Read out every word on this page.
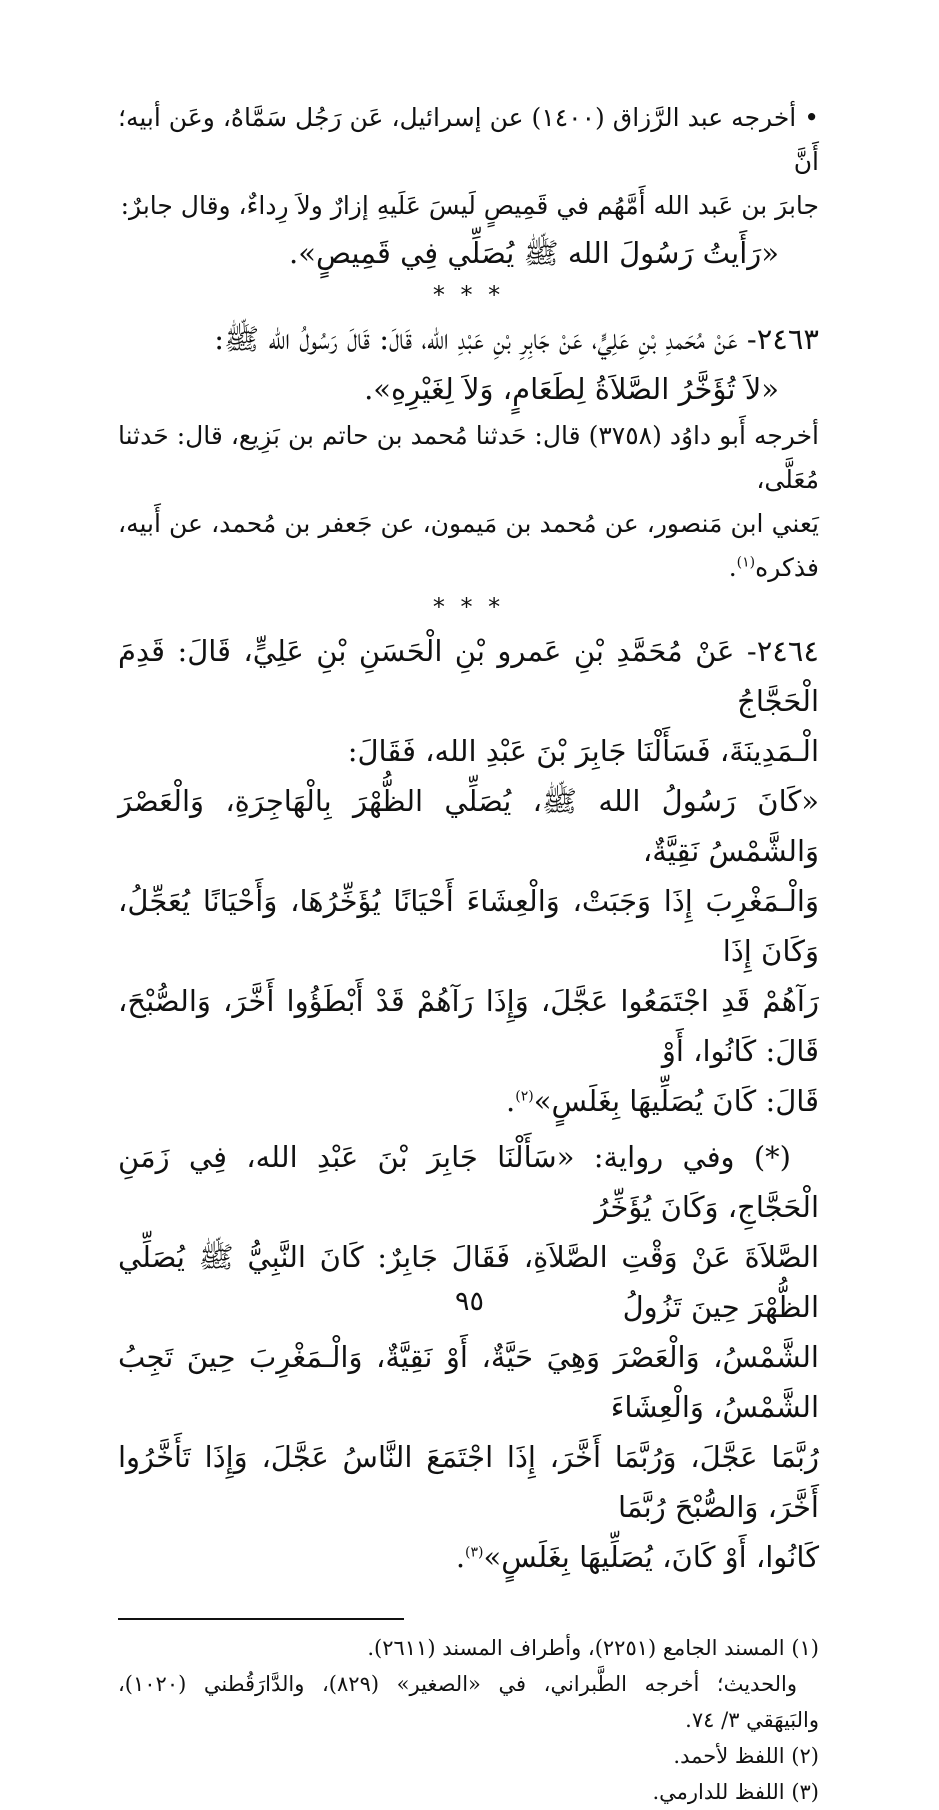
•أخرجه عبد الرَّزاق (١٤٠٠) عن إسرائيل، عَن رَجُل سَمَّاهُ، وعَن أبيه؛ أَنَّ

جابرَ بن عَبد الله أَمَّهُم في قَمِيصٍ لَيسَ عَلَيهِ إزارٌ ولاَ رِداءٌ، وقال جابرٌ:

«رَأَيتُ رَسُولَ الله ﷺ يُصَلِّي فِي قَمِيصٍ».

* * *

٢٤٦٣- عَنْ مُحَمدِ بْنِ عَلِيٍّ، عَنْ جَابِرِ بْنِ عَبْدِ الله، قَالَ: قَالَ رَسُولُ الله ﷺ:

«لاَ تُؤَخَّرُ الصَّلاَةُ لِطَعَامٍ، وَلاَ لِغَيْرِهِ».

أخرجه أَبو داوُد (٣٧٥٨) قال: حَدثنا مُحمد بن حاتم بن بَزِيع، قال: حَدثنا مُعَلَّى،

يَعني ابن مَنصور، عن مُحمد بن مَيمون، عن جَعفر بن مُحمد، عن أَبيه، فذكره$^{(١)}$.

* * *

٢٤٦٤- عَنْ مُحَمَّدِ بْنِ عَمرو بْنِ الْحَسَنِ بْنِ عَلِيٍّ، قَالَ: قَدِمَ الْحَجَّاجُ

الْـمَدِينَةَ، فَسَأَلْنَا جَابِرَ بْنَ عَبْدِ الله، فَقَالَ:

«كَانَ رَسُولُ الله ﷺ، يُصَلِّي الظُّهْرَ بِالْهَاجِرَةِ، وَالْعَصْرَ وَالشَّمْسُ نَقِيَّةٌ،

وَالْـمَغْرِبَ إِذَا وَجَبَتْ، وَالْعِشَاءَ أَحْيَانًا يُؤَخِّرُهَا، وَأَحْيَانًا يُعَجِّلُ، وَكَانَ إِذَا

رَآهُمْ قَدِ اجْتَمَعُوا عَجَّلَ، وَإِذَا رَآهُمْ قَدْ أَبْطَؤُوا أَخَّرَ، وَالصُّبْحَ، قَالَ: كَانُوا، أَوْ

قَالَ: كَانَ يُصَلِّيهَا بِغَلَسٍ»$^{(٢)}$.

(*) وفي رواية: «سَأَلْنَا جَابِرَ بْنَ عَبْدِ الله، فِي زَمَنِ الْحَجَّاجِ، وَكَانَ يُؤَخِّرُ

الصَّلاَةَ عَنْ وَقْتِ الصَّلاَةِ، فَقَالَ جَابِرٌ: كَانَ النَّبِيُّ ﷺ يُصَلِّي الظُّهْرَ حِينَ تَزُولُ

الشَّمْسُ، وَالْعَصْرَ وَهِيَ حَيَّةٌ، أَوْ نَقِيَّةٌ، وَالْـمَغْرِبَ حِينَ تَجِبُ الشَّمْسُ، وَالْعِشَاءَ

رُبَّمَا عَجَّلَ، وَرُبَّمَا أَخَّرَ، إِذَا اجْتَمَعَ النَّاسُ عَجَّلَ، وَإِذَا تَأَخَّرُوا أَخَّرَ، وَالصُّبْحَ رُبَّمَا

كَانُوا، أَوْ كَانَ، يُصَلِّيهَا بِغَلَسٍ»$^{(٣)}$.

(١) المسند الجامع (٢٢٥١)، وأطراف المسند (٢٦١١).

والحديث؛ أخرجه الطَّبراني، في «الصغير» (٨٢٩)، والدَّارَقُطني (١٠٢٠)، والبَيهَقي ٣/ ٧٤.

(٢) اللفظ لأحمد.

(٣) اللفظ للدارمي.

٩٥
